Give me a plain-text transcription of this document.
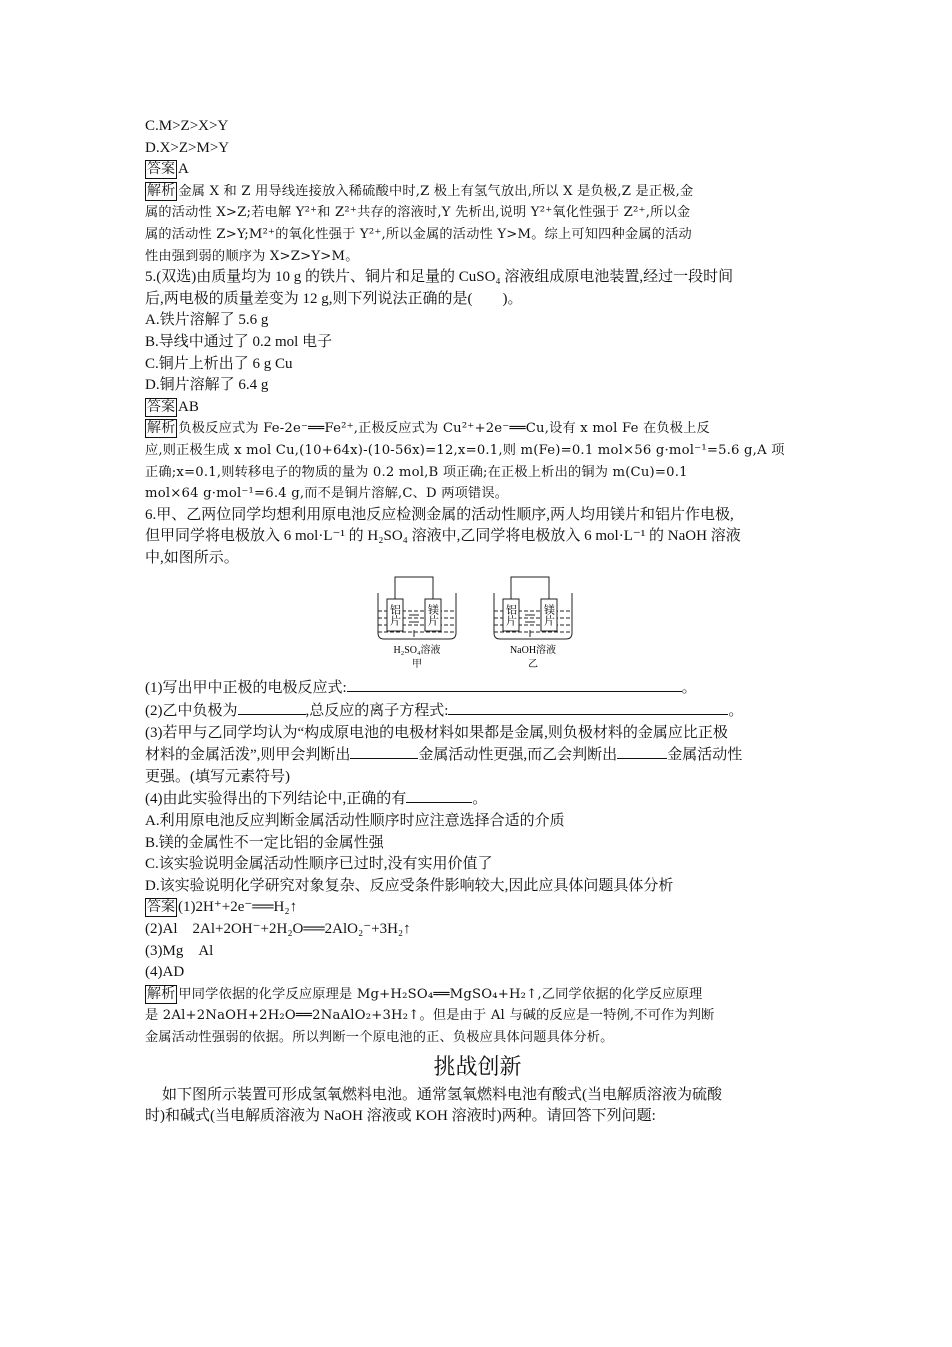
C.M>Z>X>Y
D.X>Z>M>Y
答案 A
解析 金属 X 和 Z 用导线连接放入稀硫酸中时,Z 极上有氢气放出,所以 X 是负极,Z 是正极,金
属的活动性 X>Z;若电解 Y²⁺和 Z²⁺共存的溶液时,Y 先析出,说明 Y²⁺氧化性强于 Z²⁺,所以金
属的活动性 Z>Y;M²⁺的氧化性强于 Y²⁺,所以金属的活动性 Y>M。综上可知四种金属的活动
性由强到弱的顺序为 X>Z>Y>M。
5.(双选)由质量均为 10 g 的铁片、铜片和足量的 CuSO₄ 溶液组成原电池装置,经过一段时间
后,两电极的质量差变为 12 g,则下列说法正确的是(　　)。
A.铁片溶解了 5.6 g
B.导线中通过了 0.2 mol 电子
C.铜片上析出了 6 g Cu
D.铜片溶解了 6.4 g
答案 AB
解析 负极反应式为 Fe-2e⁻══Fe²⁺,正极反应式为 Cu²⁺+2e⁻══Cu,设有 x mol Fe 在负极上反
应,则正极生成 x mol Cu,(10+64x)-(10-56x)=12,x=0.1,则 m(Fe)=0.1 mol×56 g·mol⁻¹=5.6 g,A 项
正确;x=0.1,则转移电子的物质的量为 0.2 mol,B 项正确;在正极上析出的铜为 m(Cu)=0.1
mol×64 g·mol⁻¹=6.4 g,而不是铜片溶解,C、D 两项错误。
6.甲、乙两位同学均想利用原电池反应检测金属的活动性顺序,两人均用镁片和铝片作电极,
但甲同学将电极放入 6 mol·L⁻¹ 的 H₂SO₄ 溶液中,乙同学将电极放入 6 mol·L⁻¹ 的 NaOH 溶液
中,如图所示。
铝片 镁片
H₂SO₄溶液
甲
铝片 镁片
NaOH溶液
乙
(1)写出甲中正极的电极反应式:	。
(2)乙中负极为	,总反应的离子方程式:	。
(3)若甲与乙同学均认为“构成原电池的电极材料如果都是金属,则负极材料的金属应比正极
材料的金属活泼”,则甲会判断出	金属活动性更强,而乙会判断出	金属活动性
更强。(填写元素符号)
(4)由此实验得出的下列结论中,正确的有	。
A.利用原电池反应判断金属活动性顺序时应注意选择合适的介质
B.镁的金属性不一定比铝的金属性强
C.该实验说明金属活动性顺序已过时,没有实用价值了
D.该实验说明化学研究对象复杂、反应受条件影响较大,因此应具体问题具体分析
答案 (1)2H⁺+2e⁻══H₂↑
(2)Al　2Al+2OH⁻+2H₂O══2AlO₂⁻+3H₂↑
(3)Mg　Al
(4)AD
解析 甲同学依据的化学反应原理是 Mg+H₂SO₄══MgSO₄+H₂↑,乙同学依据的化学反应原理
是 2Al+2NaOH+2H₂O══2NaAlO₂+3H₂↑。但是由于 Al 与碱的反应是一特例,不可作为判断
金属活动性强弱的依据。所以判断一个原电池的正、负极应具体问题具体分析。
挑战创新
如下图所示装置可形成氢氧燃料电池。通常氢氧燃料电池有酸式(当电解质溶液为硫酸
时)和碱式(当电解质溶液为 NaOH 溶液或 KOH 溶液时)两种。请回答下列问题:
